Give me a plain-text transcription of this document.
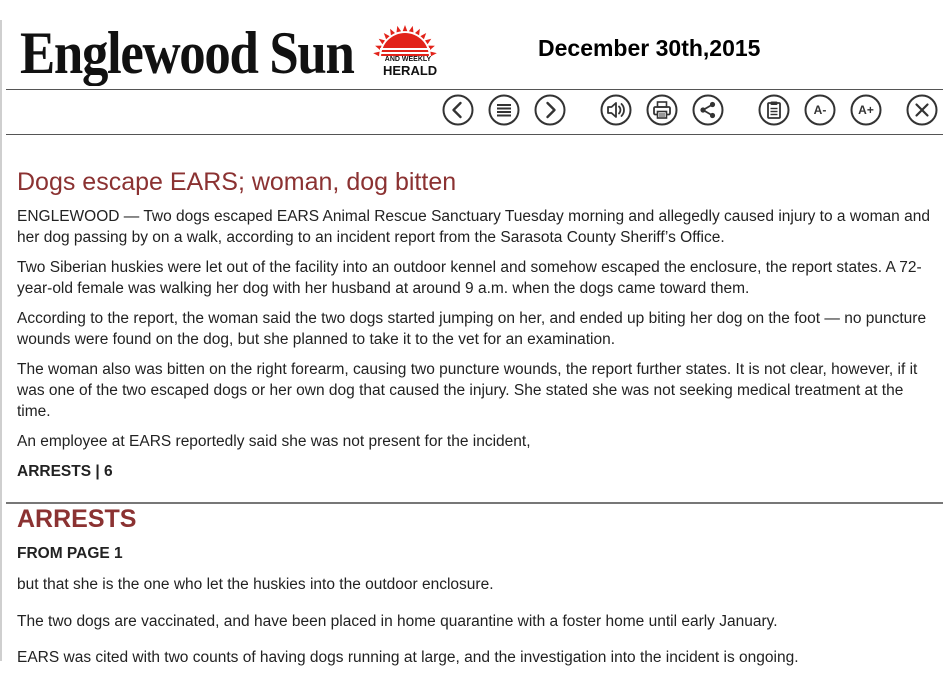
Englewood Sun	AND WEEKLY
HERALD
December 30th,2015
A-	A+
Dogs escape EARS; woman, dog bitten

ENGLEWOOD — Two dogs escaped EARS Animal Rescue Sanctuary Tuesday morning and allegedly caused injury to a woman and her dog passing by on a walk, according to an incident report from the Sarasota County Sheriff’s Office.

Two Siberian huskies were let out of the facility into an outdoor kennel and somehow escaped the enclosure, the report states. A 72-year-old female was walking her dog with her husband at around 9 a.m. when the dogs came toward them.

According to the report, the woman said the two dogs started jumping on her, and ended up biting her dog on the foot — no puncture wounds were found on the dog, but she planned to take it to the vet for an examination.

The woman also was bitten on the right forearm, causing two puncture wounds, the report further states. It is not clear, however, if it was one of the two escaped dogs or her own dog that caused the injury. She stated she was not seeking medical treatment at the time.

An employee at EARS reportedly said she was not present for the incident,

ARRESTS | 6
ARRESTS
FROM PAGE 1

but that she is the one who let the huskies into the outdoor enclosure.

The two dogs are vaccinated, and have been placed in home quarantine with a foster home until early January.

EARS was cited with two counts of having dogs running at large, and the investigation into the incident is ongoing.
